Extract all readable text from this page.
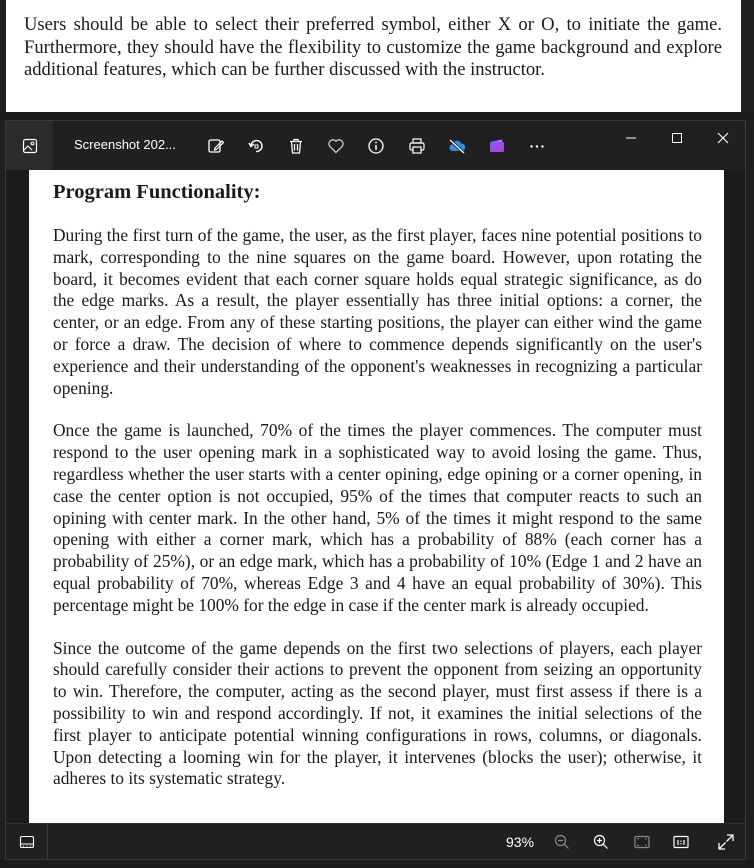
Users should be able to select their preferred symbol, either X or O, to initiate the game. Furthermore, they should have the flexibility to customize the game background and explore additional features, which can be further discussed with the instructor.
Screenshot 202...
Program Functionality:

During the first turn of the game, the user, as the first player, faces nine potential positions to mark, corresponding to the nine squares on the game board. However, upon rotating the board, it becomes evident that each corner square holds equal strategic significance, as do the edge marks. As a result, the player essentially has three initial options: a corner, the center, or an edge. From any of these starting positions, the player can either wind the game or force a draw. The decision of where to commence depends significantly on the user's experience and their understanding of the opponent's weaknesses in recognizing a particular opening.

Once the game is launched, 70% of the times the player commences. The computer must respond to the user opening mark in a sophisticated way to avoid losing the game. Thus, regardless whether the user starts with a center opining, edge opining or a corner opening, in case the center option is not occupied, 95% of the times that computer reacts to such an opining with center mark. In the other hand, 5% of the times it might respond to the same opening with either a corner mark, which has a probability of 88% (each corner has a probability of 25%), or an edge mark, which has a probability of 10% (Edge 1 and 2 have an equal probability of 70%, whereas Edge 3 and 4 have an equal probability of 30%). This percentage might be 100% for the edge in case if the center mark is already occupied.

Since the outcome of the game depends on the first two selections of players, each player should carefully consider their actions to prevent the opponent from seizing an opportunity to win. Therefore, the computer, acting as the second player, must first assess if there is a possibility to win and respond accordingly. If not, it examines the initial selections of the first player to anticipate potential winning configurations in rows, columns, or diagonals. Upon detecting a looming win for the player, it intervenes (blocks the user); otherwise, it adheres to its systematic strategy.

93%
